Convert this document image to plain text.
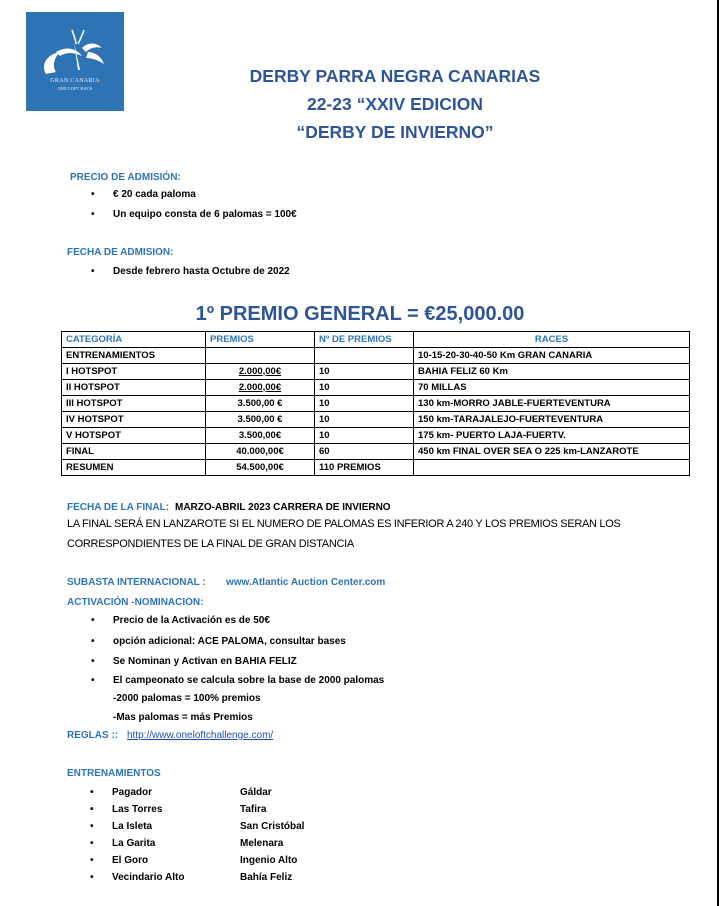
GRAN CANARIA
ONE LOFT RACE
DERBY PARRA NEGRA CANARIAS
22-23 “XXIV EDICION
“DERBY DE INVIERNO”
PRECIO DE ADMISIÓN:
• € 20 cada paloma
• Un equipo consta de 6 palomas = 100€
FECHA DE ADMISION:
• Desde febrero hasta Octubre de 2022
1º PREMIO GENERAL = €25,000.00
CATEGORÍA	PREMIOS	Nº DE PREMIOS	RACES
ENTRENAMIENTOS			10-15-20-30-40-50 Km GRAN CANARIA
I HOTSPOT	2.000,00€	10	BAHIA FELIZ 60 Km
II HOTSPOT	2.000,00€	10	70 MILLAS
III HOTSPOT	3.500,00 €	10	130 km-MORRO JABLE-FUERTEVENTURA
IV HOTSPOT	3.500,00 €	10	150 km-TARAJALEJO-FUERTEVENTURA
V HOTSPOT	3.500,00€	10	175 km- PUERTO LAJA-FUERTV.
FINAL	40.000,00€	60	450 km FINAL OVER SEA O 225 km-LANZAROTE
RESUMEN	54.500,00€	110 PREMIOS	
FECHA DE LA FINAL: MARZO-ABRIL 2023 CARRERA DE INVIERNO
LA FINAL SERÁ EN LANZAROTE SI EL NUMERO DE PALOMAS ES INFERIOR A 240 Y LOS PREMIOS SERAN LOS
CORRESPONDIENTES DE LA FINAL DE GRAN DISTANCIA
SUBASTA INTERNACIONAL : www.Atlantic Auction Center.com
ACTIVACIÓN -NOMINACION:
• Precio de la Activación es de 50€
• opción adicional: ACE PALOMA, consultar bases
• Se Nominan y Activan en BAHIA FELIZ
• El campeonato se calcula sobre la base de 2000 palomas
-2000 palomas = 100% premios
-Mas palomas = más Premios
REGLAS :: http://www.oneloftchallenge.com/
ENTRENAMIENTOS
• Pagador	Gáldar
• Las Torres	Tafira
• La Isleta	San Cristóbal
• La Garita	Melenara
• El Goro	Ingenio Alto
• Vecindario Alto	Bahía Feliz
